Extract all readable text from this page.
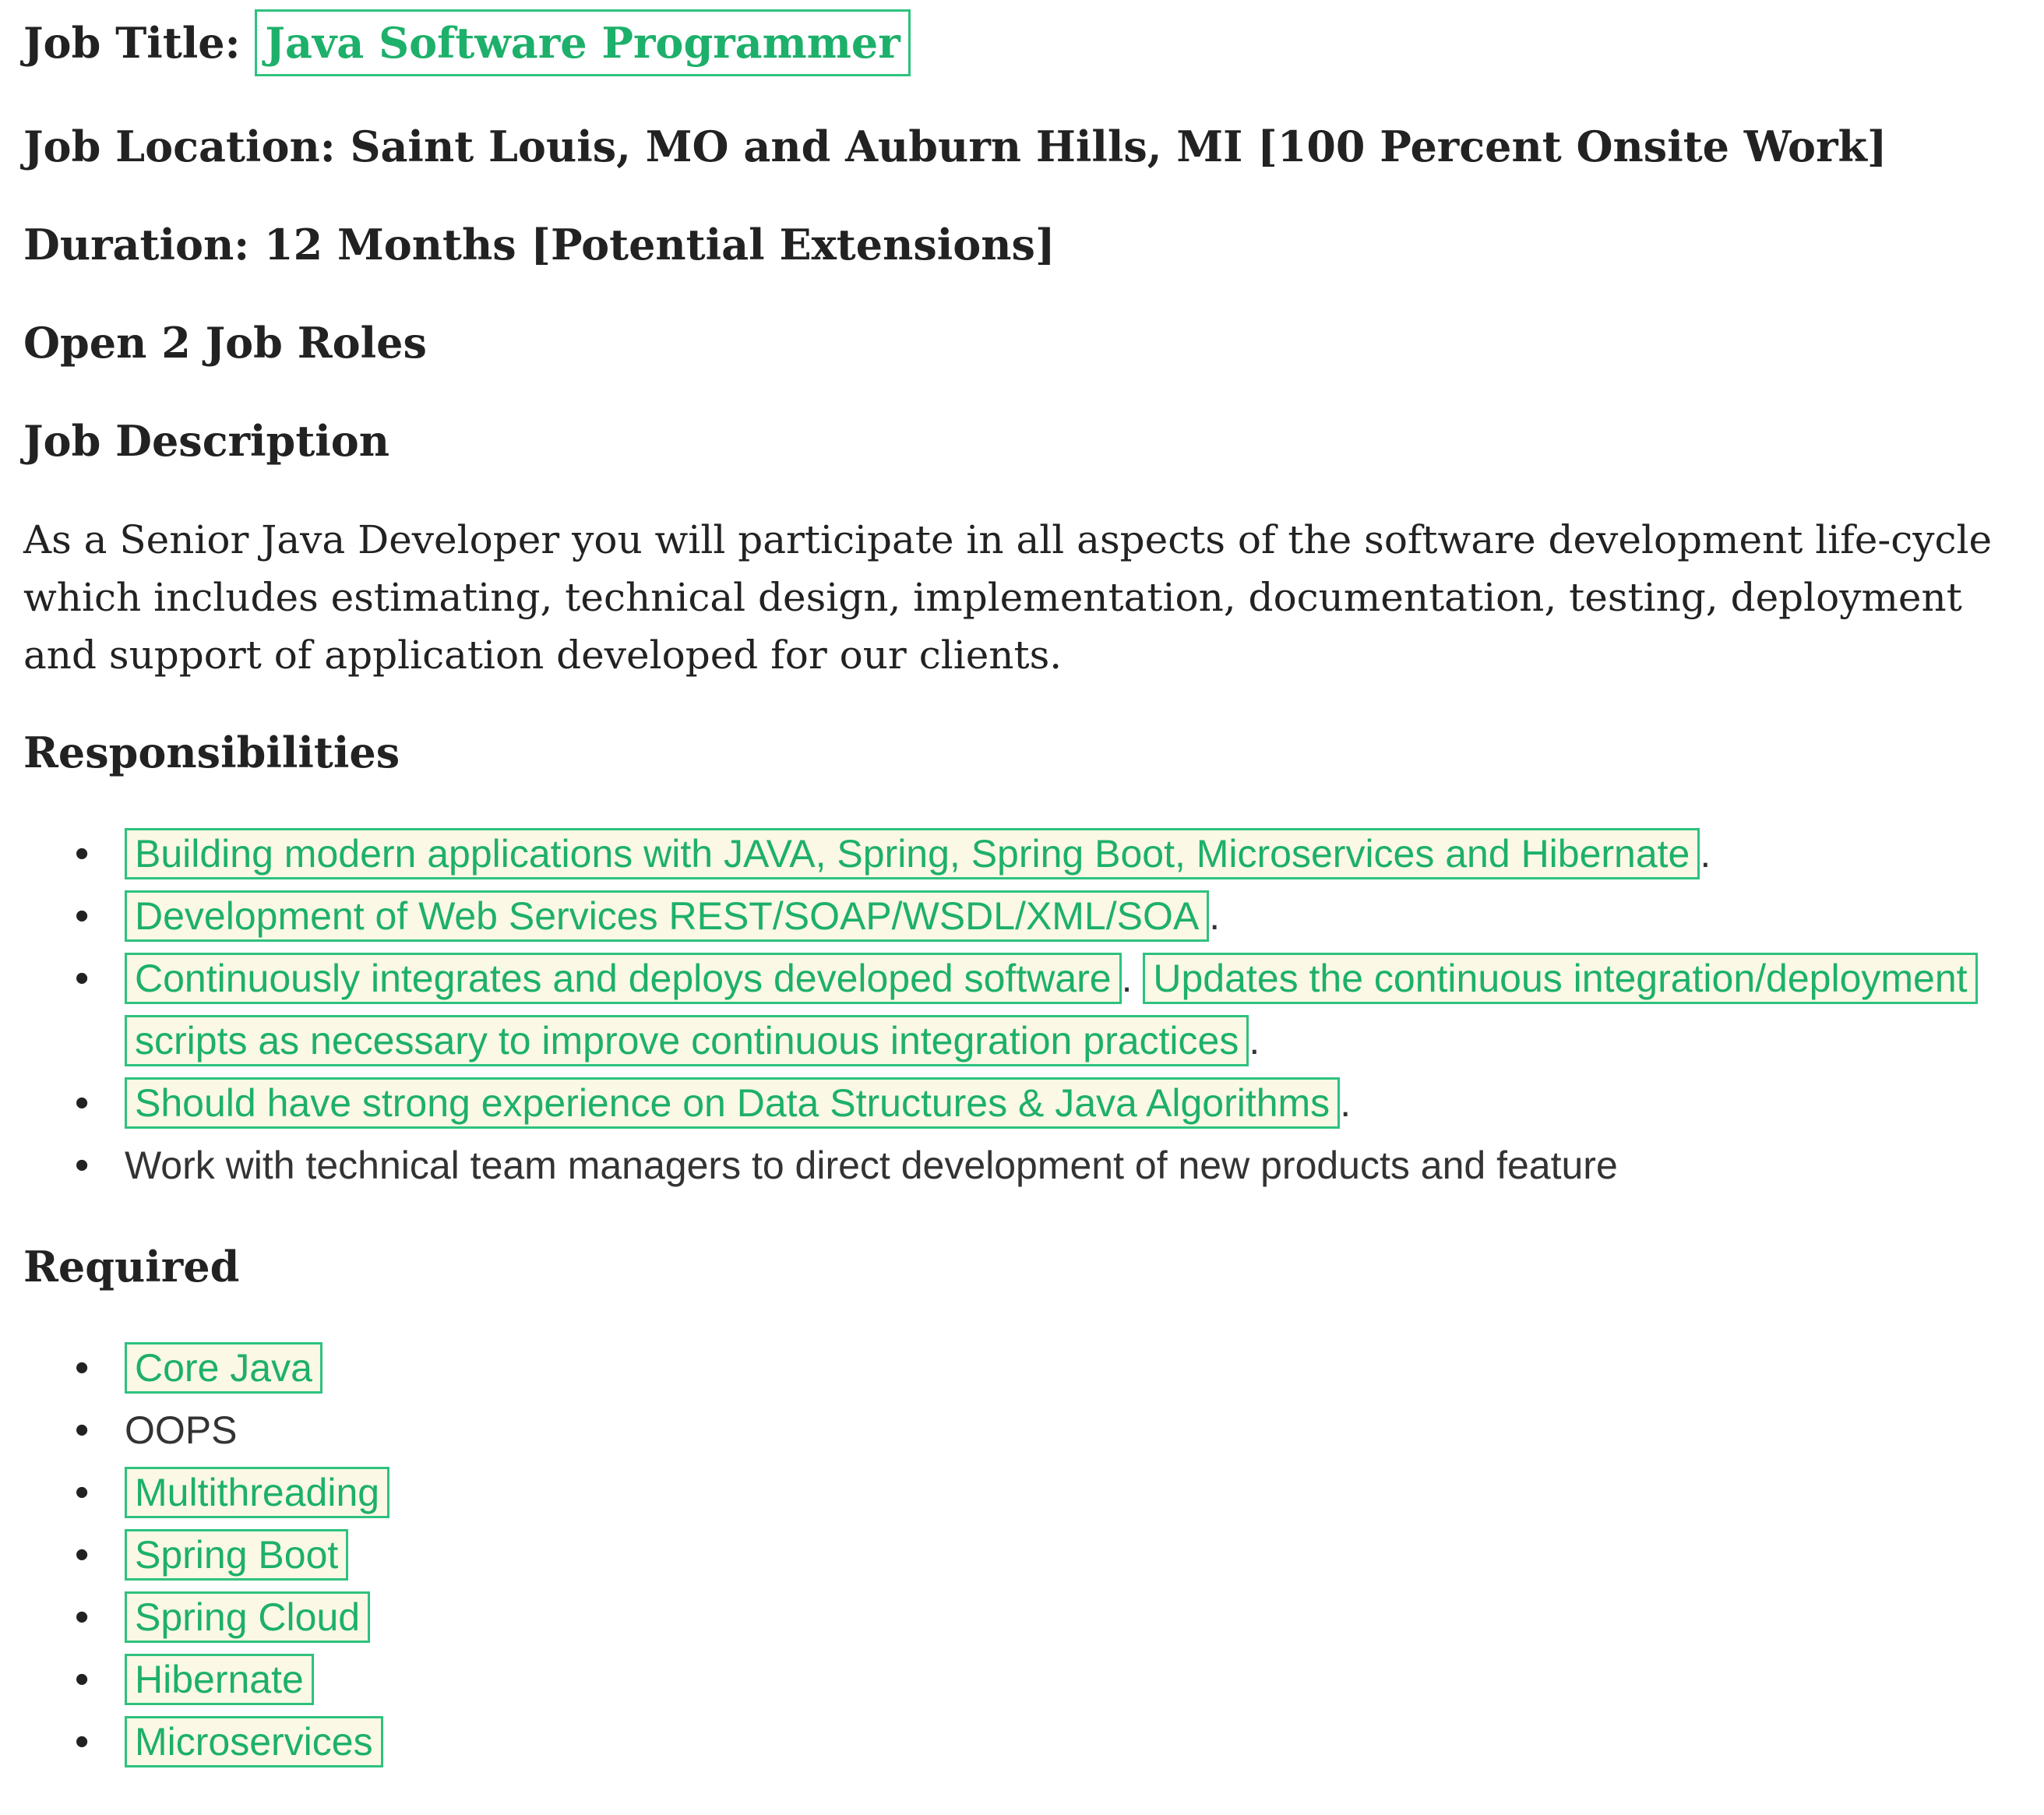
Job Title: Java Software Programmer
Job Location: Saint Louis, MO and Auburn Hills, MI [100 Percent Onsite Work]
Duration: 12 Months [Potential Extensions]
Open 2 Job Roles
Job Description

As a Senior Java Developer you will participate in all aspects of the software development life-cycle which includes estimating, technical design, implementation, documentation, testing, deployment and support of application developed for our clients.

Responsibilities
• Building modern applications with JAVA, Spring, Spring Boot, Microservices and Hibernate .
• Development of Web Services REST/SOAP/WSDL/XML/SOA .
• Continuously integrates and deploys developed software . Updates the continuous integration/deployment scripts as necessary to improve continuous integration practices .
• Should have strong experience on Data Structures & Java Algorithms .
• Work with technical team managers to direct development of new products and feature
Required
• Core Java
• OOPS
• Multithreading
• Spring Boot
• Spring Cloud
• Hibernate
• Microservices
